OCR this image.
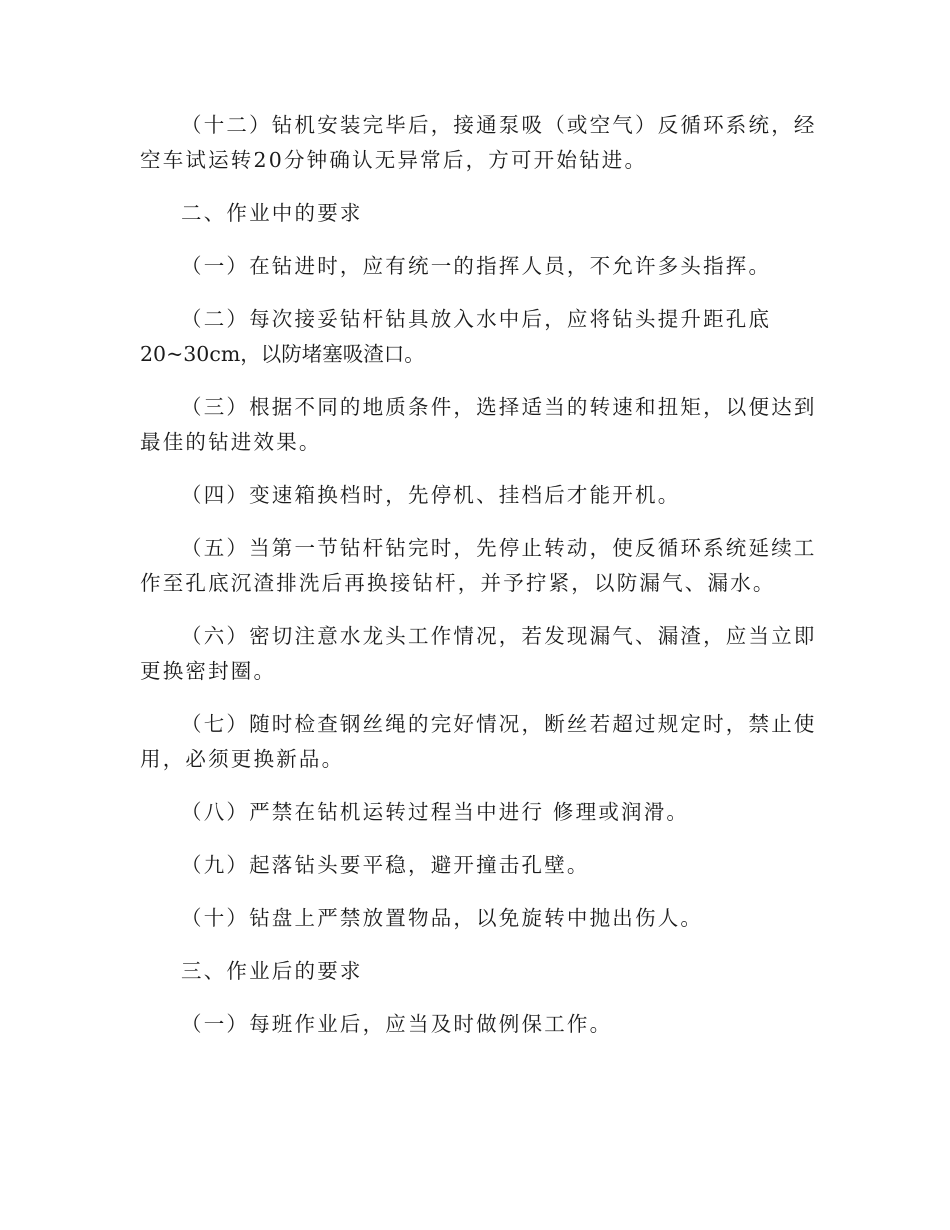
（十二）钻机安装完毕后，接通泵吸（或空气）反循环系统，经
空车试运转20分钟确认无异常后，方可开始钻进。
二、作业中的要求
（一）在钻进时，应有统一的指挥人员，不允许多头指挥。
（二）每次接妥钻杆钻具放入水中后，应将钻头提升距孔底
20~30cm，以防堵塞吸渣口。
（三）根据不同的地质条件，选择适当的转速和扭矩，以便达到
最佳的钻进效果。
（四）变速箱换档时，先停机、挂档后才能开机。
（五）当第一节钻杆钻完时，先停止转动，使反循环系统延续工
作至孔底沉渣排洗后再换接钻杆，并予拧紧，以防漏气、漏水。
（六）密切注意水龙头工作情况，若发现漏气、漏渣，应当立即
更换密封圈。
（七）随时检查钢丝绳的完好情况，断丝若超过规定时，禁止使
用，必须更换新品。
（八）严禁在钻机运转过程当中进行 修理或润滑。
（九）起落钻头要平稳，避开撞击孔壁。
（十）钻盘上严禁放置物品，以免旋转中抛出伤人。
三、作业后的要求
（一）每班作业后，应当及时做例保工作。
